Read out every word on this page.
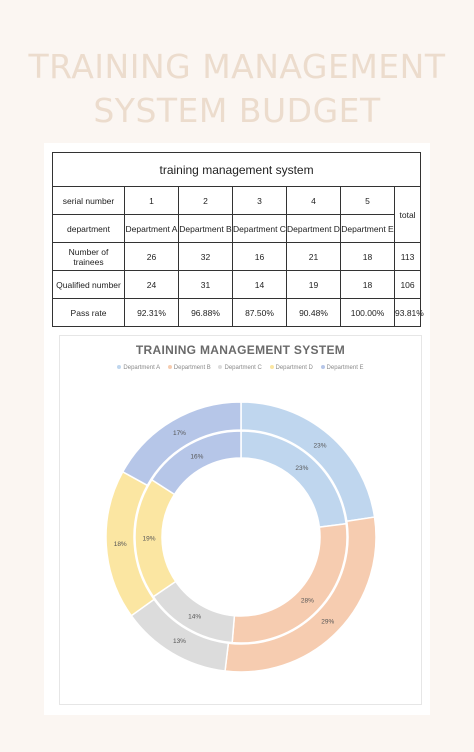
TRAINING MANAGEMENT
SYSTEM BUDGET
training management system						
serial number	1	2	3	4	5	total
department	Department A	Department B	Department C	Department D	Department E	
Number of trainees	26	32	16	21	18	113
Qualified number	24	31	14	19	18	106
Pass rate	92.31%	96.88%	87.50%	90.48%	100.00%	93.81%
TRAINING MANAGEMENT SYSTEM
Department A Department B Department C Department D Department E
23%
28%
14%
19%
16%
23%
29%
13%
18%
17%
